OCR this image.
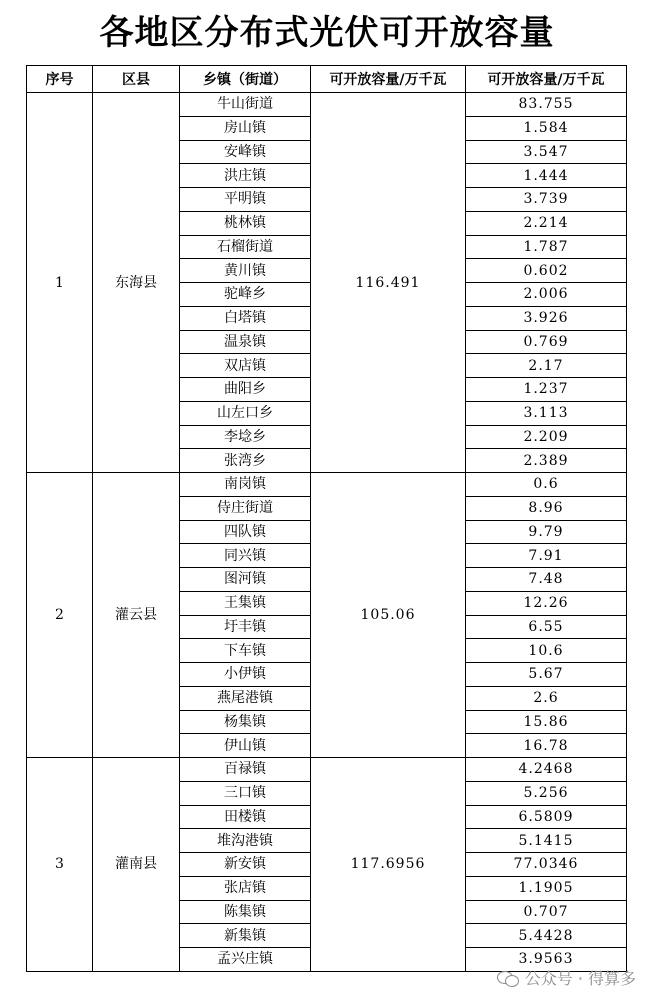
各地区分布式光伏可开放容量
序号	区县	乡镇（街道）	可开放容量/万千瓦	可开放容量/万千瓦
1	东海县	牛山街道	116.491	83.755
		房山镇		1.584
		安峰镇		3.547
		洪庄镇		1.444
		平明镇		3.739
		桃林镇		2.214
		石榴街道		1.787
		黄川镇		0.602
		驼峰乡		2.006
		白塔镇		3.926
		温泉镇		0.769
		双店镇		2.17
		曲阳乡		1.237
		山左口乡		3.113
		李埝乡		2.209
		张湾乡		2.389
2	灌云县	南岗镇	105.06	0.6
		侍庄街道		8.96
		四队镇		9.79
		同兴镇		7.91
		图河镇		7.48
		王集镇		12.26
		圩丰镇		6.55
		下车镇		10.6
		小伊镇		5.67
		燕尾港镇		2.6
		杨集镇		15.86
		伊山镇		16.78
3	灌南县	百禄镇	117.6956	4.2468
		三口镇		5.256
		田楼镇		6.5809
		堆沟港镇		5.1415
		新安镇		77.0346
		张店镇		1.1905
		陈集镇		0.707
		新集镇		5.4428
		孟兴庄镇		3.9563
公众号 · 得算多
